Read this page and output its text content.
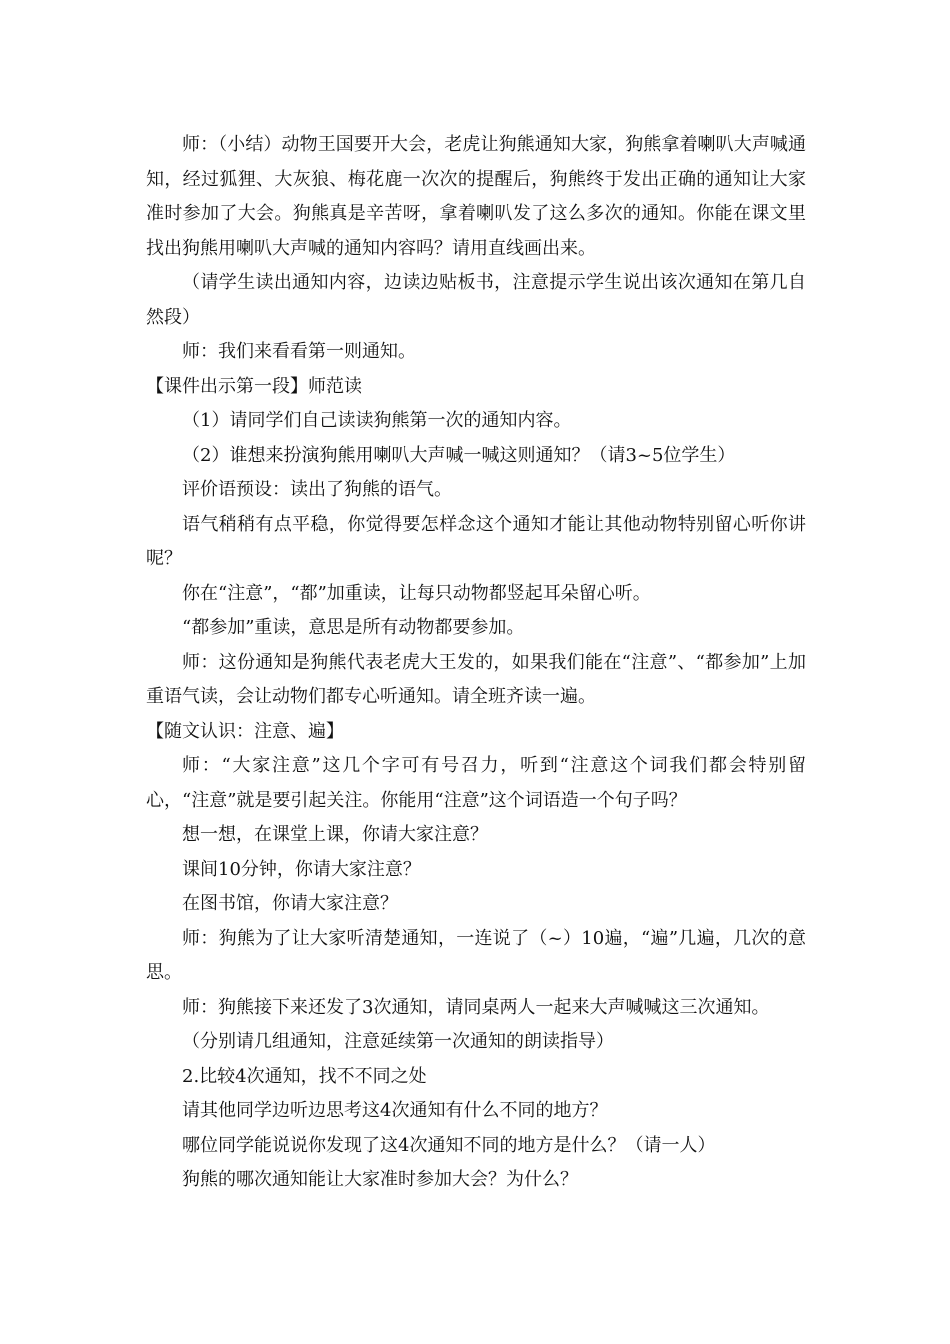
师：（小结）动物王国要开大会，老虎让狗熊通知大家，狗熊拿着喇叭大声喊通知，经过狐狸、大灰狼、梅花鹿一次次的提醒后，狗熊终于发出正确的通知让大家准时参加了大会。狗熊真是辛苦呀，拿着喇叭发了这么多次的通知。你能在课文里找出狗熊用喇叭大声喊的通知内容吗？请用直线画出来。

（请学生读出通知内容，边读边贴板书，注意提示学生说出该次通知在第几自然段）

师：我们来看看第一则通知。

【课件出示第一段】师范读

（1）请同学们自己读读狗熊第一次的通知内容。

（2）谁想来扮演狗熊用喇叭大声喊一喊这则通知？（请3~5位学生）

评价语预设：读出了狗熊的语气。

语气稍稍有点平稳，你觉得要怎样念这个通知才能让其他动物特别留心听你讲呢？

你在“注意”，“都”加重读，让每只动物都竖起耳朵留心听。

“都参加”重读，意思是所有动物都要参加。

师：这份通知是狗熊代表老虎大王发的，如果我们能在“注意”、“都参加”上加重语气读，会让动物们都专心听通知。请全班齐读一遍。

【随文认识：注意、遍】

师：“大家注意”这几个字可有号召力，听到“注意这个词我们都会特别留心，“注意”就是要引起关注。你能用“注意”这个词语造一个句子吗？

想一想，在课堂上课，你请大家注意？

课间10分钟，你请大家注意？

在图书馆，你请大家注意？

师：狗熊为了让大家听清楚通知，一连说了（~）10遍，“遍”几遍，几次的意思。

师：狗熊接下来还发了3次通知，请同桌两人一起来大声喊喊这三次通知。

（分别请几组通知，注意延续第一次通知的朗读指导）

2.比较4次通知，找不不同之处

请其他同学边听边思考这4次通知有什么不同的地方？

哪位同学能说说你发现了这4次通知不同的地方是什么？（请一人）

狗熊的哪次通知能让大家准时参加大会？为什么？
